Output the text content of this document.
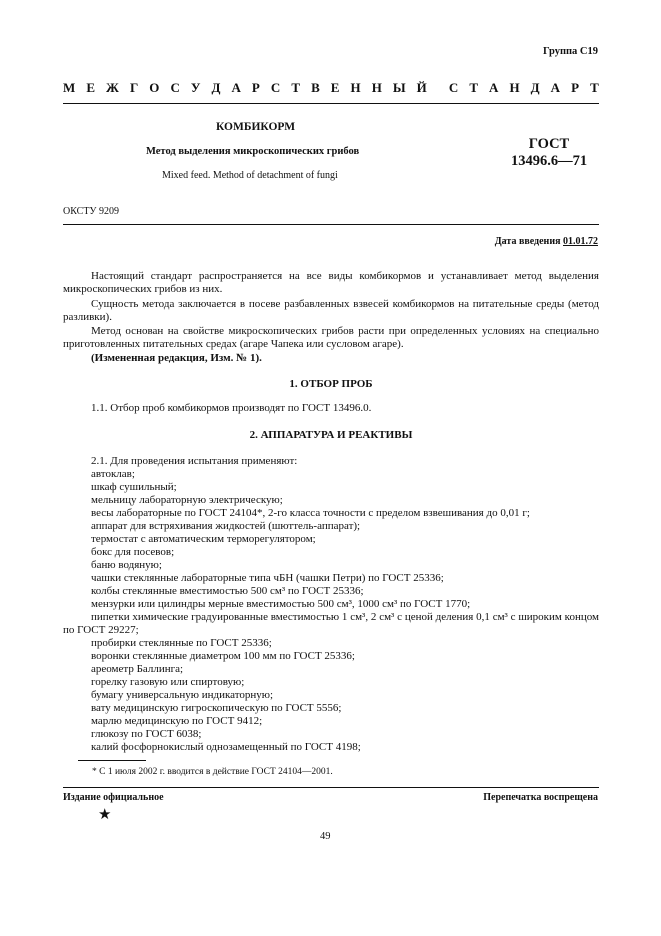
Группа С19
М Е Ж Г О С У Д А Р С Т В Е Н Н Ы Й С Т А Н Д А Р Т
КОМБИКОРМ
Метод выделения микроскопических грибов
Mixed feed. Method of detachment of fungi
ГОСТ
13496.6—71
ОКСТУ 9209
Дата введения 01.01.72
Настоящий стандарт распространяется на все виды комбикормов и устанавливает метод выделения микроскопических грибов из них.
Сущность метода заключается в посеве разбавленных взвесей комбикормов на питательные среды (метод разливки).
Метод основан на свойстве микроскопических грибов расти при определенных условиях на специально приготовленных питательных средах (агаре Чапека или сусловом агаре).
(Измененная редакция, Изм. № 1).
1. ОТБОР ПРОБ
1.1. Отбор проб комбикормов производят по ГОСТ 13496.0.
2. АППАРАТУРА И РЕАКТИВЫ
2.1. Для проведения испытания применяют:
автоклав;
шкаф сушильный;
мельницу лабораторную электрическую;
весы лабораторные по ГОСТ 24104*, 2-го класса точности с пределом взвешивания до 0,01 г;
аппарат для встряхивания жидкостей (шюттель-аппарат);
термостат с автоматическим терморегулятором;
бокс для посевов;
баню водяную;
чашки стеклянные лабораторные типа чБН (чашки Петри) по ГОСТ 25336;
колбы стеклянные вместимостью 500 см³ по ГОСТ 25336;
мензурки или цилиндры мерные вместимостью 500 см³, 1000 см³ по ГОСТ 1770;
пипетки химические градуированные вместимостью 1 см³, 2 см³ с ценой деления 0,1 см³ с широким концом по ГОСТ 29227;
пробирки стеклянные по ГОСТ 25336;
воронки стеклянные диаметром 100 мм по ГОСТ 25336;
ареометр Баллинга;
горелку газовую или спиртовую;
бумагу универсальную индикаторную;
вату медицинскую гигроскопическую по ГОСТ 5556;
марлю медицинскую по ГОСТ 9412;
глюкозу по ГОСТ 6038;
калий фосфорнокислый однозамещенный по ГОСТ 4198;
* С 1 июля 2002 г. вводится в действие ГОСТ 24104—2001.
Издание официальное	Перепечатка воспрещена
★
49
